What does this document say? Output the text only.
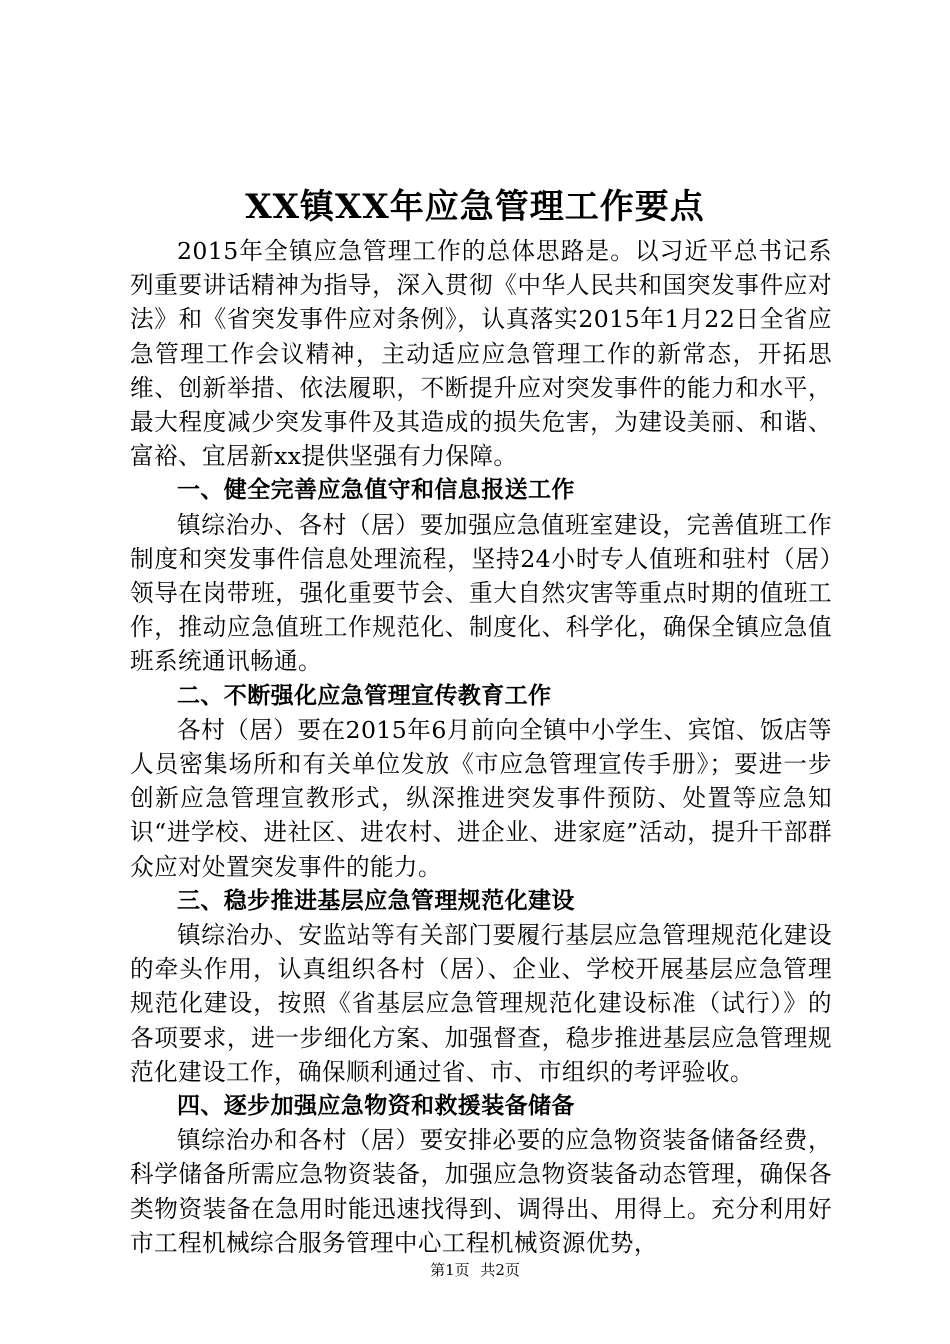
XX镇XX年应急管理工作要点

2015年全镇应急管理工作的总体思路是。以习近平总书记系列重要讲话精神为指导，深入贯彻《中华人民共和国突发事件应对法》和《省突发事件应对条例》，认真落实2015年1月22日全省应急管理工作会议精神，主动适应应急管理工作的新常态，开拓思维、创新举措、依法履职，不断提升应对突发事件的能力和水平，最大程度减少突发事件及其造成的损失危害，为建设美丽、和谐、富裕、宜居新xx提供坚强有力保障。

一、健全完善应急值守和信息报送工作

镇综治办、各村（居）要加强应急值班室建设，完善值班工作制度和突发事件信息处理流程，坚持24小时专人值班和驻村（居）领导在岗带班，强化重要节会、重大自然灾害等重点时期的值班工作，推动应急值班工作规范化、制度化、科学化，确保全镇应急值班系统通讯畅通。

二、不断强化应急管理宣传教育工作

各村（居）要在2015年6月前向全镇中小学生、宾馆、饭店等人员密集场所和有关单位发放《市应急管理宣传手册》；要进一步创新应急管理宣教形式，纵深推进突发事件预防、处置等应急知识“进学校、进社区、进农村、进企业、进家庭”活动，提升干部群众应对处置突发事件的能力。

三、稳步推进基层应急管理规范化建设

镇综治办、安监站等有关部门要履行基层应急管理规范化建设的牵头作用，认真组织各村（居）、企业、学校开展基层应急管理规范化建设，按照《省基层应急管理规范化建设标准（试行）》的各项要求，进一步细化方案、加强督查，稳步推进基层应急管理规范化建设工作，确保顺利通过省、市、市组织的考评验收。

四、逐步加强应急物资和救援装备储备

镇综治办和各村（居）要安排必要的应急物资装备储备经费，科学储备所需应急物资装备，加强应急物资装备动态管理，确保各类物资装备在急用时能迅速找得到、调得出、用得上。充分利用好市工程机械综合服务管理中心工程机械资源优势，

第1页 共2页
